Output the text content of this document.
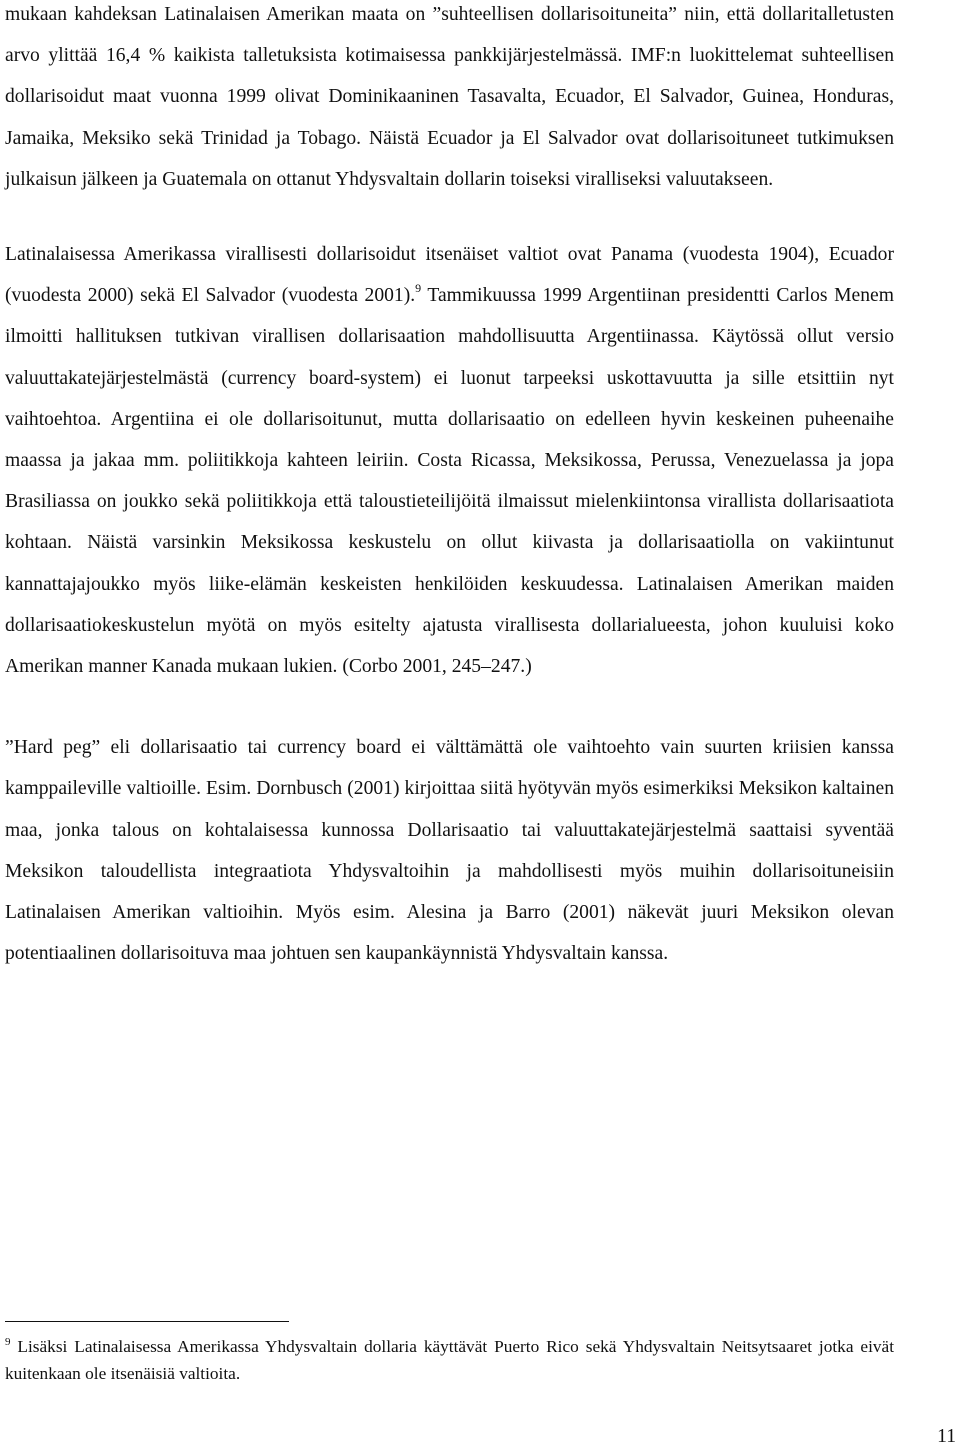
mukaan kahdeksan Latinalaisen Amerikan maata on ”suhteellisen dollarisoituneita” niin, että dollaritalletusten arvo ylittää 16,4 % kaikista talletuksista kotimaisessa pankkijärjestelmässä. IMF:n luokittelemat suhteellisen dollarisoidut maat vuonna 1999 olivat Dominikaaninen Tasavalta, Ecuador, El Salvador, Guinea, Honduras, Jamaika, Meksiko sekä Trinidad ja Tobago. Näistä Ecuador ja El Salvador ovat dollarisoituneet tutkimuksen julkaisun jälkeen ja Guatemala on ottanut Yhdysvaltain dollarin toiseksi viralliseksi valuutakseen.

Latinalaisessa Amerikassa virallisesti dollarisoidut itsenäiset valtiot ovat Panama (vuodesta 1904), Ecuador (vuodesta 2000) sekä El Salvador (vuodesta 2001).$^9$ Tammikuussa 1999 Argentiinan presidentti Carlos Menem ilmoitti hallituksen tutkivan virallisen dollarisaation mahdollisuutta Argentiinassa. Käytössä ollut versio valuuttakatejärjestelmästä (currency board-system) ei luonut tarpeeksi uskottavuutta ja sille etsittiin nyt vaihtoehtoa. Argentiina ei ole dollarisoitunut, mutta dollarisaatio on edelleen hyvin keskeinen puheenaihe maassa ja jakaa mm. poliitikkoja kahteen leiriin. Costa Ricassa, Meksikossa, Perussa, Venezuelassa ja jopa Brasiliassa on joukko sekä poliitikkoja että taloustieteilijöitä ilmaissut mielenkiintonsa virallista dollarisaatiota kohtaan. Näistä varsinkin Meksikossa keskustelu on ollut kiivasta ja dollarisaatiolla on vakiintunut kannattajajoukko myös liike-elämän keskeisten henkilöiden keskuudessa. Latinalaisen Amerikan maiden dollarisaatiokeskustelun myötä on myös esitelty ajatusta virallisesta dollarialueesta, johon kuuluisi koko Amerikan manner Kanada mukaan lukien. (Corbo 2001, 245–247.)

”Hard peg” eli dollarisaatio tai currency board ei välttämättä ole vaihtoehto vain suurten kriisien kanssa kamppaileville valtioille. Esim. Dornbusch (2001) kirjoittaa siitä hyötyvän myös esimerkiksi Meksikon kaltainen maa, jonka talous on kohtalaisessa kunnossa Dollarisaatio tai valuuttakatejärjestelmä saattaisi syventää Meksikon taloudellista integraatiota Yhdysvaltoihin ja mahdollisesti myös muihin dollarisoituneisiin Latinalaisen Amerikan valtioihin. Myös esim. Alesina ja Barro (2001) näkevät juuri Meksikon olevan potentiaalinen dollarisoituva maa johtuen sen kaupankäynnistä Yhdysvaltain kanssa.

$^9$ Lisäksi Latinalaisessa Amerikassa Yhdysvaltain dollaria käyttävät Puerto Rico sekä Yhdysvaltain Neitsytsaaret jotka eivät kuitenkaan ole itsenäisiä valtioita.

11
